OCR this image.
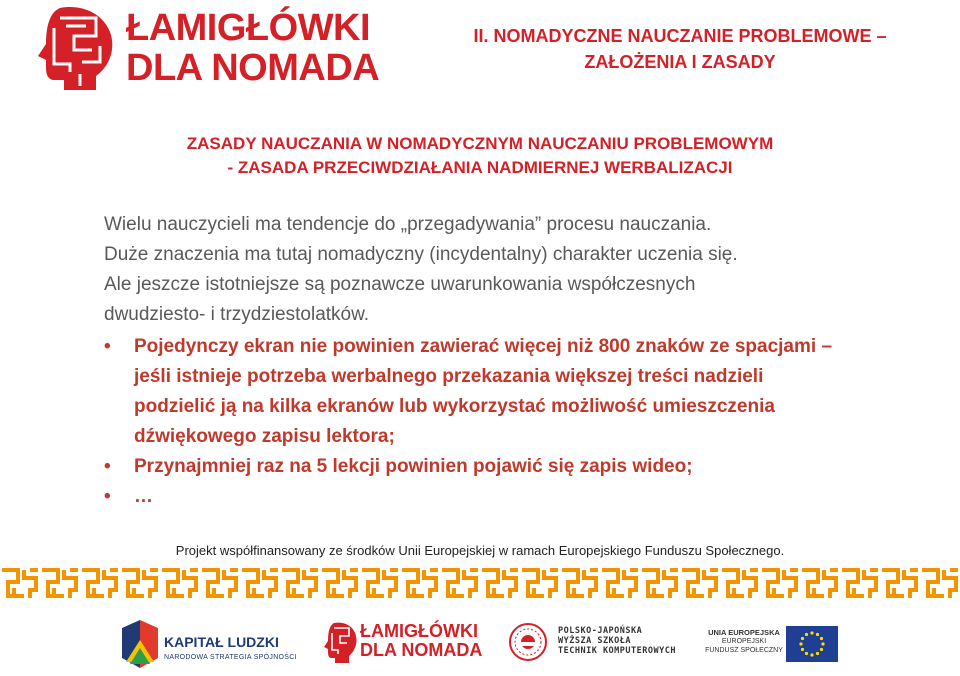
ŁAMIGŁÓWKI
DLA NOMADA
II. NOMADYCZNE NAUCZANIE PROBLEMOWE –
ZAŁOŻENIA I ZASADY
ZASADY NAUCZANIA W NOMADYCZNYM NAUCZANIU PROBLEMOWYM
- ZASADA PRZECIWDZIAŁANIA NADMIERNEJ WERBALIZACJI

Wielu nauczycieli ma tendencje do „przegadywania” procesu nauczania.

Duże znaczenia ma tutaj nomadyczny (incydentalny) charakter uczenia się.

Ale jeszcze istotniejsze są poznawcze uwarunkowania współczesnych

dwudziesto- i trzydziestolatków.

• Pojedynczy ekran nie powinien zawierać więcej niż 800 znaków ze spacjami – jeśli istnieje potrzeba werbalnego przekazania większej treści nadzieli podzielić ją na kilka ekranów lub wykorzystać możliwość umieszczenia dźwiękowego zapisu lektora;
• Przynajmniej raz na 5 lekcji powinien pojawić się zapis wideo;
• …
Projekt współfinansowany ze środków Unii Europejskiej w ramach Europejskiego Funduszu Społecznego.
KAPITAŁ LUDZKI
NARODOWA STRATEGIA SPÓJNOŚCI
ŁAMIGŁÓWKI
DLA NOMADA
POLSKO-JAPOŃSKA
WYŻSZA SZKOŁA
TECHNIK KOMPUTEROWYCH
UNIA EUROPEJSKA
EUROPEJSKI
FUNDUSZ SPOŁECZNY
